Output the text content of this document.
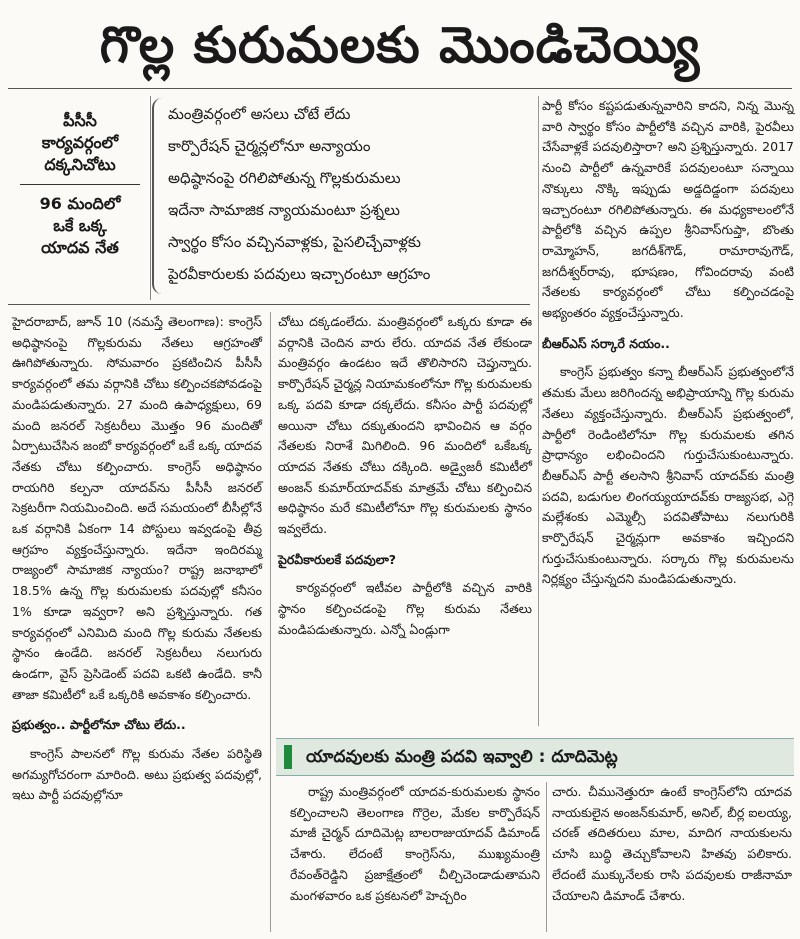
గొల్ల కురుమలకు మొండిచెయ్యి
పీసీసీ
కార్యవర్గంలో
దక్కనిచోటు
96 మందిలో
ఒకే ఒక్క
యాదవ నేత
మంత్రివర్గంలో అసలు చోటే లేదు
కార్పొరేషన్ చైర్మన్లలోనూ అన్యాయం
అధిష్ఠానంపై రగిలిపోతున్న గొల్లకురుమలు
ఇదేనా సామాజిక న్యాయమంటూ ప్రశ్నలు
స్వార్థం కోసం వచ్చినవాళ్లకు, పైసలిచ్చేవాళ్లకు
పైరవీకారులకు పదవులు ఇచ్చారంటూ ఆగ్రహం

హైదరాబాద్, జూన్ 10 (నమస్తే తెలంగాణ): కాంగ్రెస్ అధిష్ఠానంపై గొల్లకురుమ నేతలు ఆగ్రహంతో ఊగిపోతున్నారు. సోమవారం ప్రకటించిన పీసీసీ కార్యవర్గంలో తమ వర్గానికి చోటు కల్పించకపోవడంపై మండిపడుతున్నారు. 27 మంది ఉపాధ్యక్షులు, 69 మంది జనరల్ సెక్రటరీలు మొత్తం 96 మందితో ఏర్పాటుచేసిన జంబో కార్యవర్గంలో ఒకే ఒక్క యాదవ నేతకు చోటు కల్పించారు. కాంగ్రెస్ అధిష్ఠానం రాయగిరి కల్పనా యాదవ్‌ను పీసీసీ జనరల్ సెక్రటరీగా నియమించింది. అదే సమయంలో బీసీల్లోనే ఒక వర్గానికి ఏకంగా 14 పోస్టులు ఇవ్వడంపై తీవ్ర ఆగ్రహం వ్యక్తంచేస్తున్నారు. ఇదేనా ఇందిరమ్మ రాజ్యంలో సామాజిక న్యాయం? రాష్ట్ర జనాభాలో 18.5% ఉన్న గొల్ల కురుమలకు పదవుల్లో కనీసం 1% కూడా ఇవ్వరా? అని ప్రశ్నిస్తున్నారు. గత కార్యవర్గంలో ఎనిమిది మంది గొల్ల కురుమ నేతలకు స్థానం ఉండేది. జనరల్ సెక్రటరీలు నలుగురు ఉండగా, వైస్ ప్రెసిడెంట్ పదవి ఒకటి ఉండేది. కానీ తాజా కమిటీలో ఒకే ఒక్కరికి అవకాశం కల్పించారు.

ప్రభుత్వం.. పార్టీలోనూ చోటు లేదు..

కాంగ్రెస్ పాలనలో గొల్ల కురుమ నేతల పరిస్థితి అగమ్యగోచరంగా మారింది. అటు ప్రభుత్వ పదవుల్లో, ఇటు పార్టీ పదవుల్లోనూ

చోటు దక్కడంలేదు. మంత్రివర్గంలో ఒక్కరు కూడా ఈ వర్గానికి చెందిన వారు లేరు. యాదవ నేత లేకుండా మంత్రివర్గం ఉండటం ఇదే తొలిసారని చెప్తున్నారు. కార్పొరేషన్ చైర్మన్ల నియామకంలోనూ గొల్ల కురుమలకు ఒక్క పదవి కూడా దక్కలేదు. కనీసం పార్టీ పదవుల్లో అయినా చోటు దక్కుతుందని భావించిన ఆ వర్గం నేతలకు నిరాశే మిగిలింది. 96 మందిలో ఒకేఒక్క యాదవ నేతకు చోటు దక్కింది. అడ్వైజరీ కమిటీలో అంజన్ కుమార్‌యాదవ్‌కు మాత్రమే చోటు కల్పించిన అధిష్ఠానం మరే కమిటీలోనూ గొల్ల కురుమలకు స్థానం ఇవ్వలేదు.

పైరవీకారులకే పదవులా?

కార్యవర్గంలో ఇటీవల పార్టీలోకి వచ్చిన వారికి స్థానం కల్పించడంపై గొల్ల కురుమ నేతలు మండిపడుతున్నారు. ఎన్నో ఏండ్లుగా

పార్టీ కోసం కష్టపడుతున్నవారిని కాదని, నిన్న మొన్న వారి స్వార్థం కోసం పార్టీలోకి వచ్చిన వారికి, పైరవీలు చేసేవాళ్లకే పదవులిస్తారా? అని ప్రశ్నిస్తున్నారు. 2017 నుంచి పార్టీలో ఉన్నవారికే పదవులంటూ సన్నాయి నొక్కులు నొక్కి ఇప్పుడు అడ్డదిడ్డంగా పదవులు ఇచ్చారంటూ రగిలిపోతున్నారు. ఈ మధ్యకాలంలోనే పార్టీలోకి వచ్చిన ఉప్పల శ్రీనివాస్‌గుప్తా, బొంతు రామ్మోహన్, జగదీశ్‌గౌడ్, రామారావుగౌడ్, జగదీశ్వర్‌రావు, భూషణం, గోవిందరావు వంటి నేతలకు కార్యవర్గంలో చోటు కల్పించడంపై అభ్యంతరం వ్యక్తంచేస్తున్నారు.

బీఆర్‌ఎస్ సర్కారే నయం..

కాంగ్రెస్ ప్రభుత్వం కన్నా బీఆర్‌ఎస్ ప్రభుత్వంలోనే తమకు మేలు జరిగిందన్న అభిప్రాయాన్ని గొల్ల కురుమ నేతలు వ్యక్తంచేస్తున్నారు. బీఆర్‌ఎస్ ప్రభుత్వంలో, పార్టీలో రెండింటిలోనూ గొల్ల కురుమలకు తగిన ప్రాధాన్యం లభించిందని గుర్తుచేసుకుంటున్నారు. బీఆర్‌ఎస్ పార్టీ తలసాని శ్రీనివాస్ యాదవ్‌కు మంత్రి పదవి, బడుగుల లింగయ్యయాదవ్‌కు రాజ్యసభ, ఎగ్గె మల్లేశంకు ఎమ్మెల్సీ పదవితోపాటు నలుగురికి కార్పొరేషన్ చైర్మన్లుగా అవకాశం ఇచ్చిందని గుర్తుచేసుకుంటున్నారు. సర్కారు గొల్ల కురుమలను నిర్లక్ష్యం చేస్తున్నదని మండిపడుతున్నారు.

యాదవులకు మంత్రి పదవి ఇవ్వాలి : దూదిమెట్ల

రాష్ట్ర మంత్రివర్గంలో యాదవ-కురుమలకు స్థానం కల్పించాలని తెలంగాణ గొర్రెల, మేకల కార్పొరేషన్ మాజీ చైర్మన్ దూదిమెట్ల బాలరాజుయాదవ్ డిమాండ్ చేశారు. లేదంటే కాంగ్రెస్‌ను, ముఖ్యమంత్రి రేవంత్‌రెడ్డిని ప్రజాక్షేత్రంలో చీల్చిచెండాడుతామని మంగళవారం ఒక ప్రకటనలో హెచ్చరిం

చారు. చీమునెత్తురూ ఉంటే కాంగ్రెస్‌లోని యాదవ నాయకులైన అంజన్‌కుమార్, అనిల్, బీర్ల ఐలయ్య, చరణ్ తదితరులు మాల, మాదిగ నాయకులను చూసి బుద్ధి తెచ్చుకోవాలని హితవు పలికారు. లేదంటే ముక్కునేలకు రాసి పదవులకు రాజీనామా చేయాలని డిమాండ్ చేశారు.
